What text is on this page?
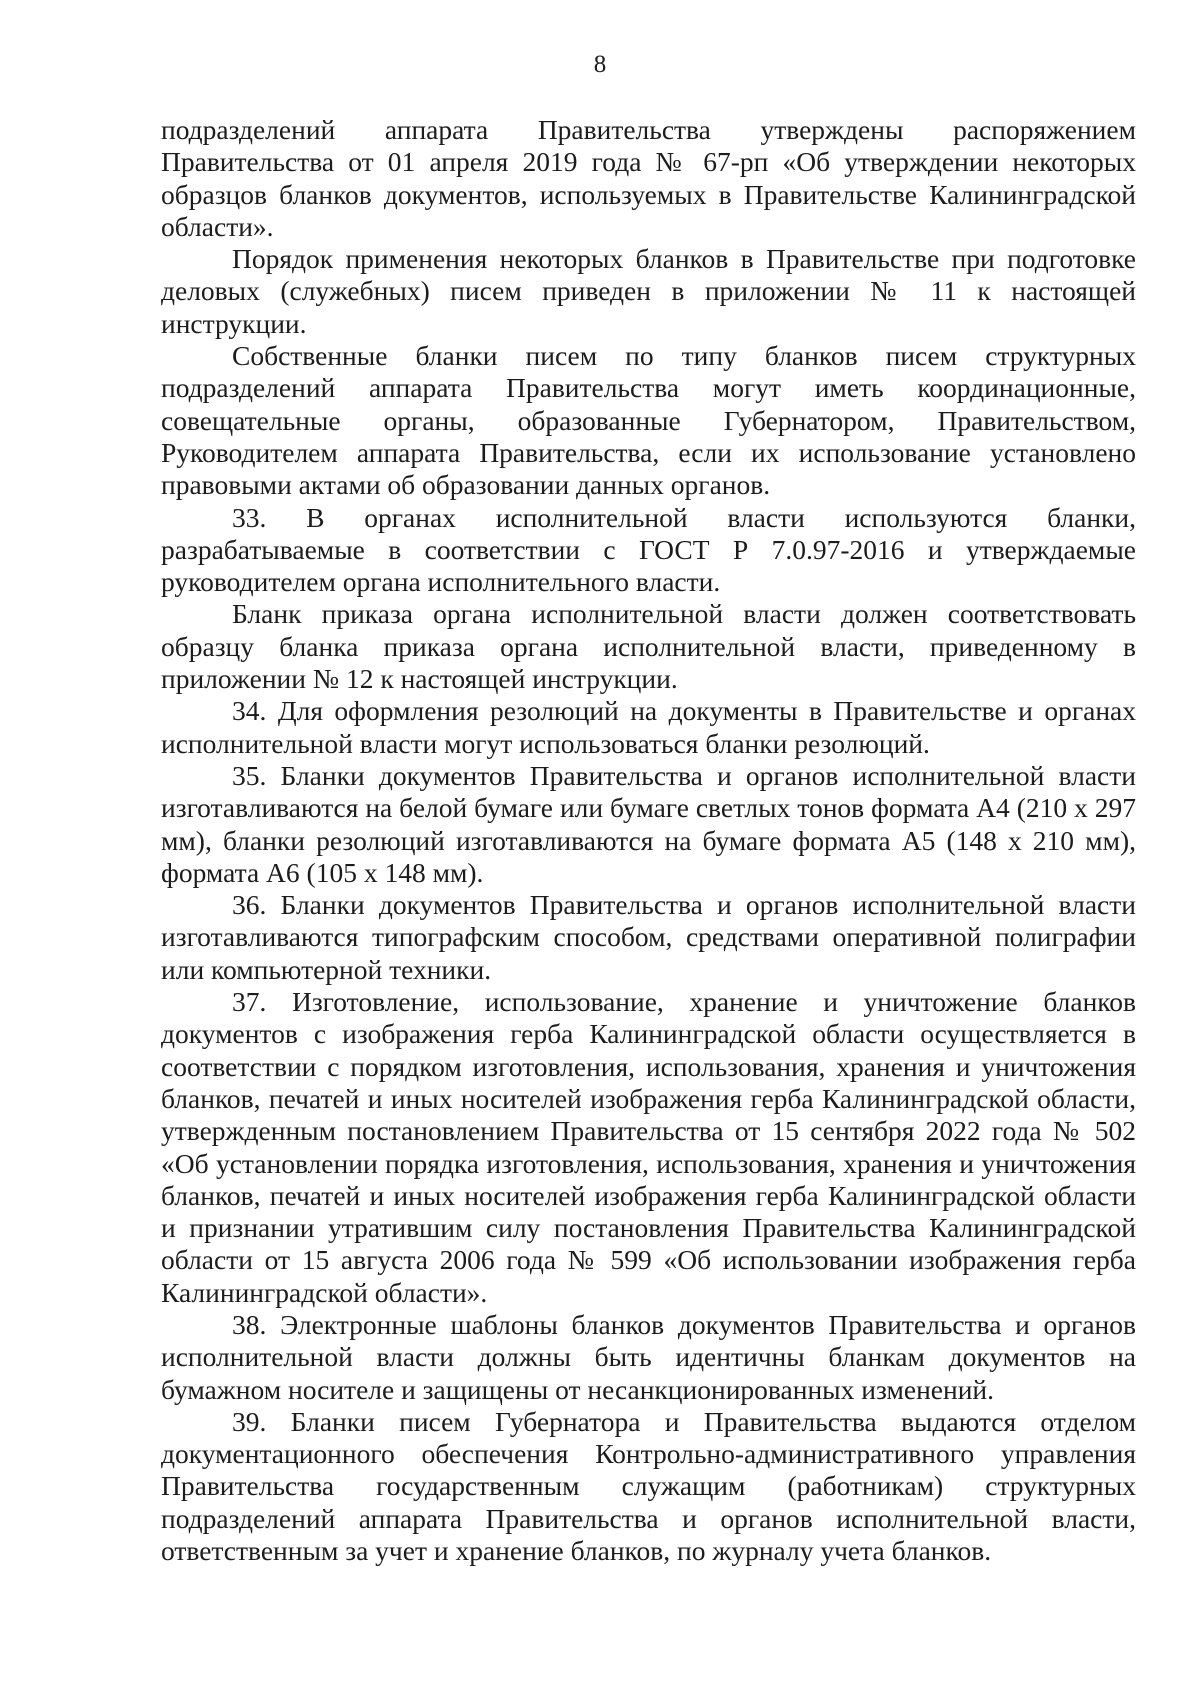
8

подразделений аппарата Правительства утверждены распоряжением Правительства от 01 апреля 2019 года № 67-рп «Об утверждении некоторых образцов бланков документов, используемых в Правительстве Калининградской области».

Порядок применения некоторых бланков в Правительстве при подготовке деловых (служебных) писем приведен в приложении № 11 к настоящей инструкции.

Собственные бланки писем по типу бланков писем структурных подразделений аппарата Правительства могут иметь координационные, совещательные органы, образованные Губернатором, Правительством, Руководителем аппарата Правительства, если их использование установлено правовыми актами об образовании данных органов.

33. В органах исполнительной власти используются бланки, разрабатываемые в соответствии с ГОСТ Р 7.0.97-2016 и утверждаемые руководителем органа исполнительного власти.

Бланк приказа органа исполнительной власти должен соответствовать образцу бланка приказа органа исполнительной власти, приведенному в приложении № 12 к настоящей инструкции.

34. Для оформления резолюций на документы в Правительстве и органах исполнительной власти могут использоваться бланки резолюций.

35. Бланки документов Правительства и органов исполнительной власти изготавливаются на белой бумаге или бумаге светлых тонов формата А4 (210 х 297 мм), бланки резолюций изготавливаются на бумаге формата А5 (148 х 210 мм), формата А6 (105 х 148 мм).

36. Бланки документов Правительства и органов исполнительной власти изготавливаются типографским способом, средствами оперативной полиграфии или компьютерной техники.

37. Изготовление, использование, хранение и уничтожение бланков документов с изображения герба Калининградской области осуществляется в соответствии с порядком изготовления, использования, хранения и уничтожения бланков, печатей и иных носителей изображения герба Калининградской области, утвержденным постановлением Правительства от 15 сентября 2022 года № 502 «Об установлении порядка изготовления, использования, хранения и уничтожения бланков, печатей и иных носителей изображения герба Калининградской области и признании утратившим силу постановления Правительства Калининградской области от 15 августа 2006 года № 599 «Об использовании изображения герба Калининградской области».

38. Электронные шаблоны бланков документов Правительства и органов исполнительной власти должны быть идентичны бланкам документов на бумажном носителе и защищены от несанкционированных изменений.

39. Бланки писем Губернатора и Правительства выдаются отделом документационного обеспечения Контрольно-административного управления Правительства государственным служащим (работникам) структурных подразделений аппарата Правительства и органов исполнительной власти, ответственным за учет и хранение бланков, по журналу учета бланков.
